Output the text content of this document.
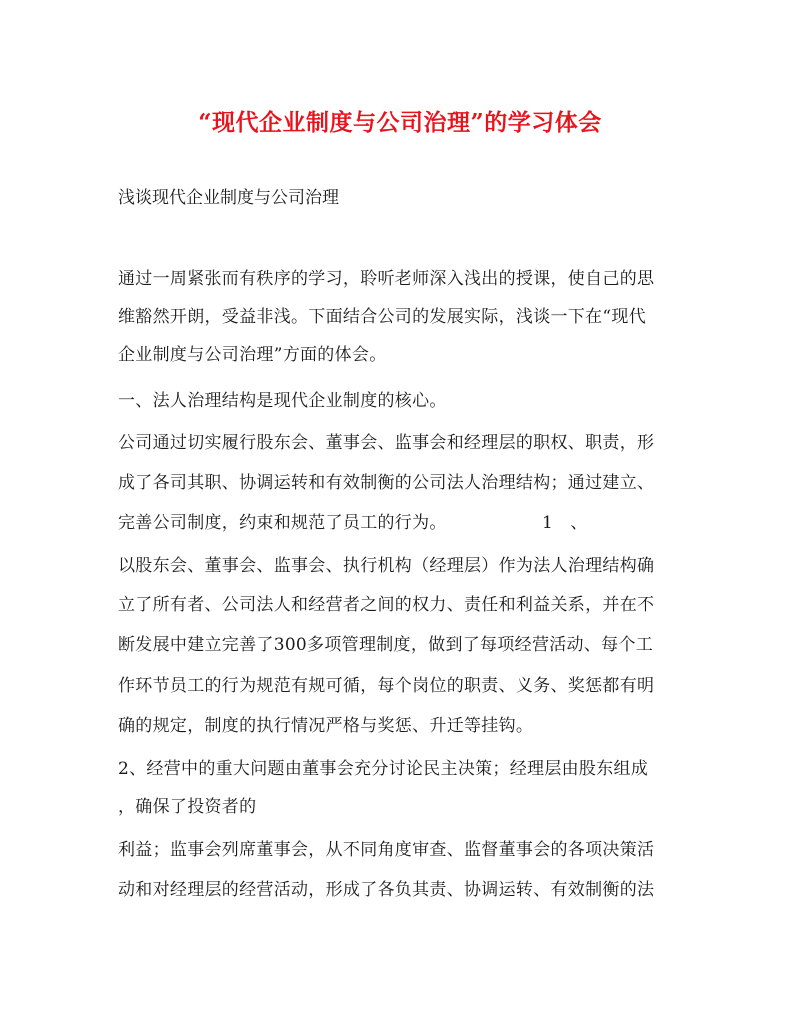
“现代企业制度与公司治理”的学习体会
浅谈现代企业制度与公司治理
通过一周紧张而有秩序的学习，聆听老师深入浅出的授课，使自己的思
维豁然开朗，受益非浅。下面结合公司的发展实际，浅谈一下在“现代
企业制度与公司治理”方面的体会。
一、法人治理结构是现代企业制度的核心。
公司通过切实履行股东会、董事会、监事会和经理层的职权、职责，形
成了各司其职、协调运转和有效制衡的公司法人治理结构；通过建立、
完善公司制度，约束和规范了员工的行为。　　　　　　1　、
以股东会、董事会、监事会、执行机构（经理层）作为法人治理结构确
立了所有者、公司法人和经营者之间的权力、责任和利益关系，并在不
断发展中建立完善了300多项管理制度，做到了每项经营活动、每个工
作环节员工的行为规范有规可循，每个岗位的职责、义务、奖惩都有明
确的规定，制度的执行情况严格与奖惩、升迁等挂钩。
2、经营中的重大问题由董事会充分讨论民主决策；经理层由股东组成
，确保了投资者的
利益；监事会列席董事会，从不同角度审查、监督董事会的各项决策活
动和对经理层的经营活动，形成了各负其责、协调运转、有效制衡的法
